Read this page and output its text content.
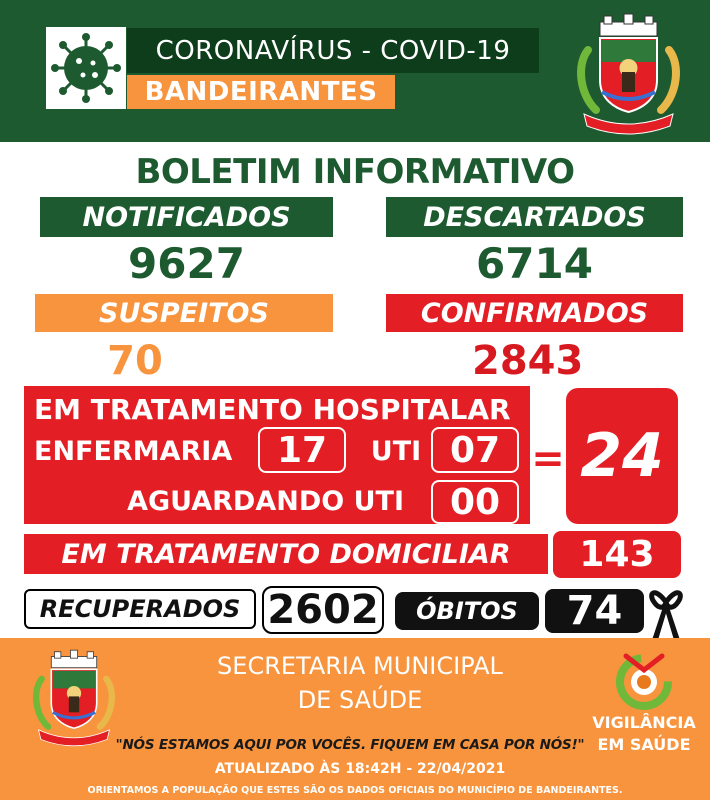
CORONAVÍRUS - COVID-19
BANDEIRANTES
BOLETIM INFORMATIVO
NOTIFICADOS	DESCARTADOS
9627	6714
SUSPEITOS	CONFIRMADOS
70	2843
EM TRATAMENTO HOSPITALAR
ENFERMARIA	17	UTI 07
AGUARDANDO UTI	00
= 24
EM TRATAMENTO DOMICILIAR	143
RECUPERADOS 2602	ÓBITOS	74
SECRETARIA MUNICIPAL
DE SAÚDE
VIGILÂNCIA
EM SAÚDE
"NÓS ESTAMOS AQUI POR VOCÊS. FIQUEM EM CASA POR NÓS!"
ATUALIZADO ÀS 18:42H - 22/04/2021
ORIENTAMOS A POPULAÇÃO QUE ESTES SÃO OS DADOS OFICIAIS DO MUNICÍPIO DE BANDEIRANTES.
